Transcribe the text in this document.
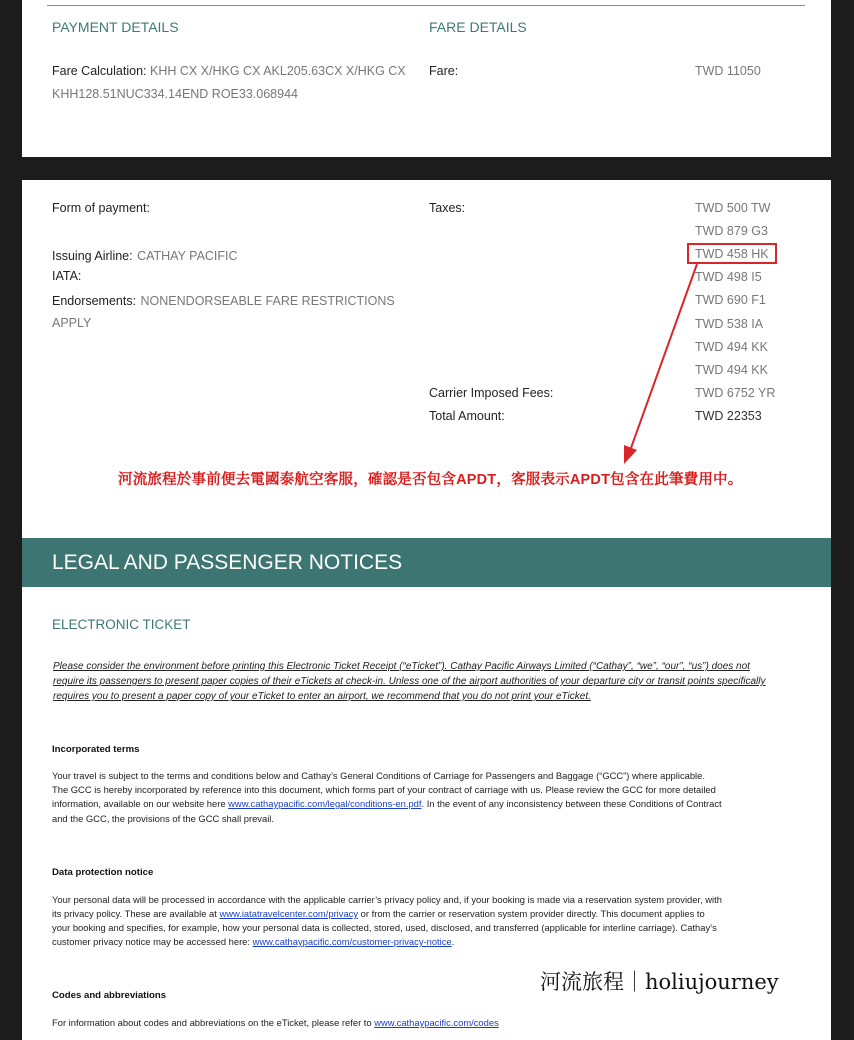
PAYMENT DETAILS	FARE DETAILS
Fare Calculation: KHH CX X/HKG CX AKL205.63CX X/HKG CX
KHH128.51NUC334.14END ROE33.068944
Fare:	TWD 11050
Form of payment:
Issuing Airline: CATHAY PACIFIC
IATA:
Endorsements: NONENDORSEABLE FARE RESTRICTIONS
APPLY
Taxes:	TWD 500 TW
TWD 879 G3
TWD 458 HK
TWD 498 I5
TWD 690 F1
TWD 538 IA
TWD 494 KK
TWD 494 KK
Carrier Imposed Fees:	TWD 6752 YR
Total Amount:	TWD 22353
河流旅程於事前便去電國泰航空客服，確認是否包含APDT，客服表示APDT包含在此筆費用中。
LEGAL AND PASSENGER NOTICES
ELECTRONIC TICKET
Please consider the environment before printing this Electronic Ticket Receipt (“eTicket”). Cathay Pacific Airways Limited (“Cathay”, “we”, “our”, “us”) does not
require its passengers to present paper copies of their eTickets at check-in. Unless one of the airport authorities of your departure city or transit points specifically
requires you to present a paper copy of your eTicket to enter an airport, we recommend that you do not print your eTicket.
Incorporated terms
Your travel is subject to the terms and conditions below and Cathay’s General Conditions of Carriage for Passengers and Baggage (“GCC”) where applicable.
The GCC is hereby incorporated by reference into this document, which forms part of your contract of carriage with us. Please review the GCC for more detailed
information, available on our website here www.cathaypacific.com/legal/conditions-en.pdf. In the event of any inconsistency between these Conditions of Contract
and the GCC, the provisions of the GCC shall prevail.
Data protection notice
Your personal data will be processed in accordance with the applicable carrier’s privacy policy and, if your booking is made via a reservation system provider, with
its privacy policy. These are available at www.iatatravelcenter.com/privacy or from the carrier or reservation system provider directly. This document applies to
your booking and specifies, for example, how your personal data is collected, stored, used, disclosed, and transferred (applicable for interline carriage). Cathay’s
customer privacy notice may be accessed here: www.cathaypacific.com/customer-privacy-notice.
Codes and abbreviations
For information about codes and abbreviations on the eTicket, please refer to www.cathaypacific.com/codes
河流旅程｜holiujourney
